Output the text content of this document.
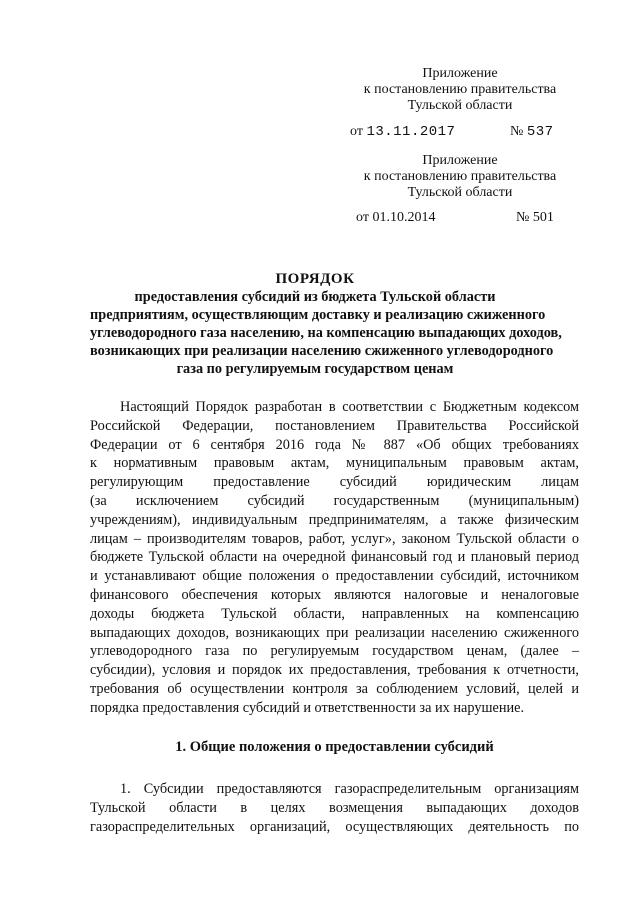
Приложение
к постановлению правительства
Тульской области
от 13.11.2017	№ 537
Приложение
к постановлению правительства
Тульской области
от 01.10.2014	№ 501
ПОРЯДОК
предоставления субсидий из бюджета Тульской области
предприятиям, осуществляющим доставку и реализацию сжиженного
углеводородного газа населению, на компенсацию выпадающих доходов,
возникающих при реализации населению сжиженного углеводородного
газа по регулируемым государством ценам
Настоящий Порядок разработан в соответствии с Бюджетным кодексом
Российской Федерации, постановлением Правительства Российской
Федерации от 6 сентября 2016 года № 887 «Об общих требованиях
к нормативным правовым актам, муниципальным правовым актам,
регулирующим предоставление субсидий юридическим лицам
(за исключением субсидий государственным (муниципальным)
учреждениям), индивидуальным предпринимателям, а также физическим
лицам – производителям товаров, работ, услуг», законом Тульской области о
бюджете Тульской области на очередной финансовый год и плановый период
и устанавливают общие положения о предоставлении субсидий, источником
финансового обеспечения которых являются налоговые и неналоговые
доходы бюджета Тульской области, направленных на компенсацию
выпадающих доходов, возникающих при реализации населению сжиженного
углеводородного газа по регулируемым государством ценам, (далее –
субсидии), условия и порядок их предоставления, требования к отчетности,
требования об осуществлении контроля за соблюдением условий, целей и
порядка предоставления субсидий и ответственности за их нарушение.
1. Общие положения о предоставлении субсидий
1. Субсидии предоставляются газораспределительным организациям
Тульской области в целях возмещения выпадающих доходов
газораспределительных организаций, осуществляющих деятельность по
